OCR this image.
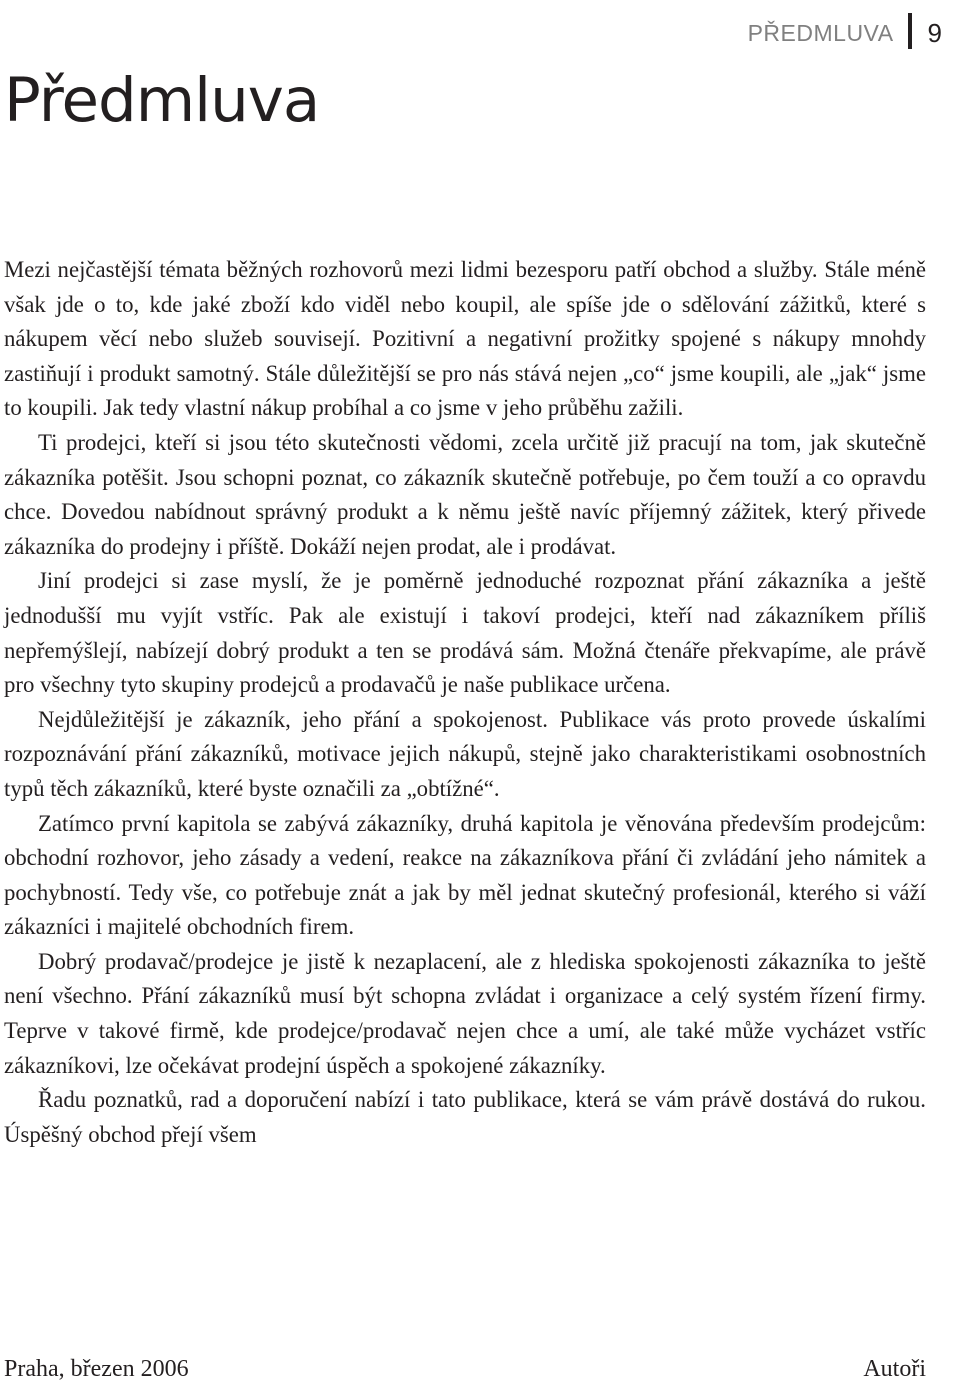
PŘEDMLUVA 9
Předmluva

Mezi nejčastější témata běžných rozhovorů mezi lidmi bezesporu patří obchod a služby. Stále méně však jde o to, kde jaké zboží kdo viděl nebo koupil, ale spíše jde o sdělování zážitků, které s nákupem věcí nebo služeb souvisejí. Pozitivní a negativní prožitky spojené s nákupy mnohdy zastiňují i produkt samotný. Stále důležitější se pro nás stává nejen „co“ jsme koupili, ale „jak“ jsme to koupili. Jak tedy vlastní nákup probíhal a co jsme v jeho průběhu zažili.

Ti prodejci, kteří si jsou této skutečnosti vědomi, zcela určitě již pracují na tom, jak skutečně zákazníka potěšit. Jsou schopni poznat, co zákazník skutečně potřebuje, po čem touží a co opravdu chce. Dovedou nabídnout správný produkt a k němu ještě navíc příjemný zážitek, který přivede zákazníka do prodejny i příště. Dokáží nejen prodat, ale i prodávat.

Jiní prodejci si zase myslí, že je poměrně jednoduché rozpoznat přání zákazníka a ještě jednodušší mu vyjít vstříc. Pak ale existují i takoví prodejci, kteří nad zákazníkem příliš nepřemýšlejí, nabízejí dobrý produkt a ten se prodává sám. Možná čtenáře překvapíme, ale právě pro všechny tyto skupiny prodejců a prodavačů je naše publikace určena.

Nejdůležitější je zákazník, jeho přání a spokojenost. Publikace vás proto provede úskalími rozpoznávání přání zákazníků, motivace jejich nákupů, stejně jako charakteristikami osobnostních typů těch zákazníků, které byste označili za „obtížné“.

Zatímco první kapitola se zabývá zákazníky, druhá kapitola je věnována především prodejcům: obchodní rozhovor, jeho zásady a vedení, reakce na zákazníkova přání či zvládání jeho námitek a pochybností. Tedy vše, co potřebuje znát a jak by měl jednat skutečný profesionál, kterého si váží zákazníci i majitelé obchodních firem.

Dobrý prodavač/prodejce je jistě k nezaplacení, ale z hlediska spokojenosti zákazníka to ještě není všechno. Přání zákazníků musí být schopna zvládat i organizace a celý systém řízení firmy. Teprve v takové firmě, kde prodejce/prodavač nejen chce a umí, ale také může vycházet vstříc zákazníkovi, lze očekávat prodejní úspěch a spokojené zákazníky.

Řadu poznatků, rad a doporučení nabízí i tato publikace, která se vám právě dostává do rukou. Úspěšný obchod přejí všem

Praha, březen 2006	Autoři
